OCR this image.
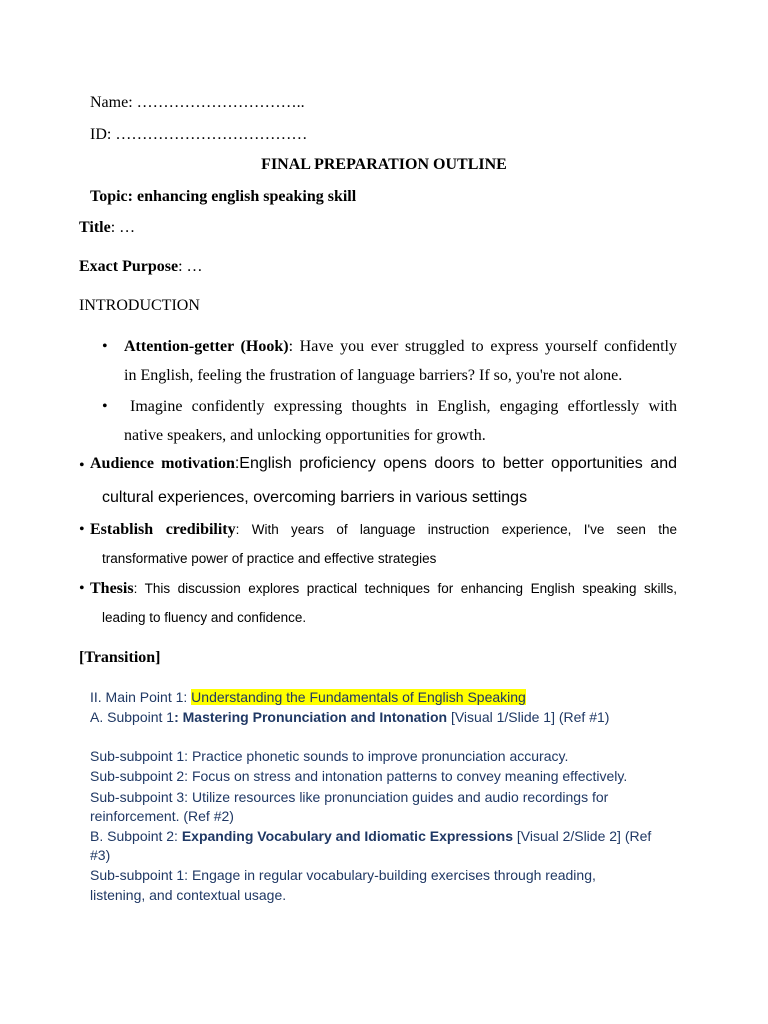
Name: …………………………..
ID: ………………………………
FINAL PREPARATION OUTLINE
Topic: enhancing english speaking skill
Title: …
Exact Purpose: …
INTRODUCTION
• Attention-getter (Hook): Have you ever struggled to express yourself confidently
in English, feeling the frustration of language barriers? If so, you're not alone.
• Imagine confidently expressing thoughts in English, engaging effortlessly with
native speakers, and unlocking opportunities for growth.
• Audience motivation:English proficiency opens doors to better opportunities and
cultural experiences, overcoming barriers in various settings
• Establish credibility: With years of language instruction experience, I've seen the
transformative power of practice and effective strategies
• Thesis: This discussion explores practical techniques for enhancing English speaking skills,
leading to fluency and confidence.
[Transition]
II. Main Point 1: Understanding the Fundamentals of English Speaking
A. Subpoint 1: Mastering Pronunciation and Intonation [Visual 1/Slide 1] (Ref #1)
Sub-subpoint 1: Practice phonetic sounds to improve pronunciation accuracy.
Sub-subpoint 2: Focus on stress and intonation patterns to convey meaning effectively.
Sub-subpoint 3: Utilize resources like pronunciation guides and audio recordings for
reinforcement. (Ref #2)
B. Subpoint 2: Expanding Vocabulary and Idiomatic Expressions [Visual 2/Slide 2] (Ref
#3)
Sub-subpoint 1: Engage in regular vocabulary-building exercises through reading,
listening, and contextual usage.
